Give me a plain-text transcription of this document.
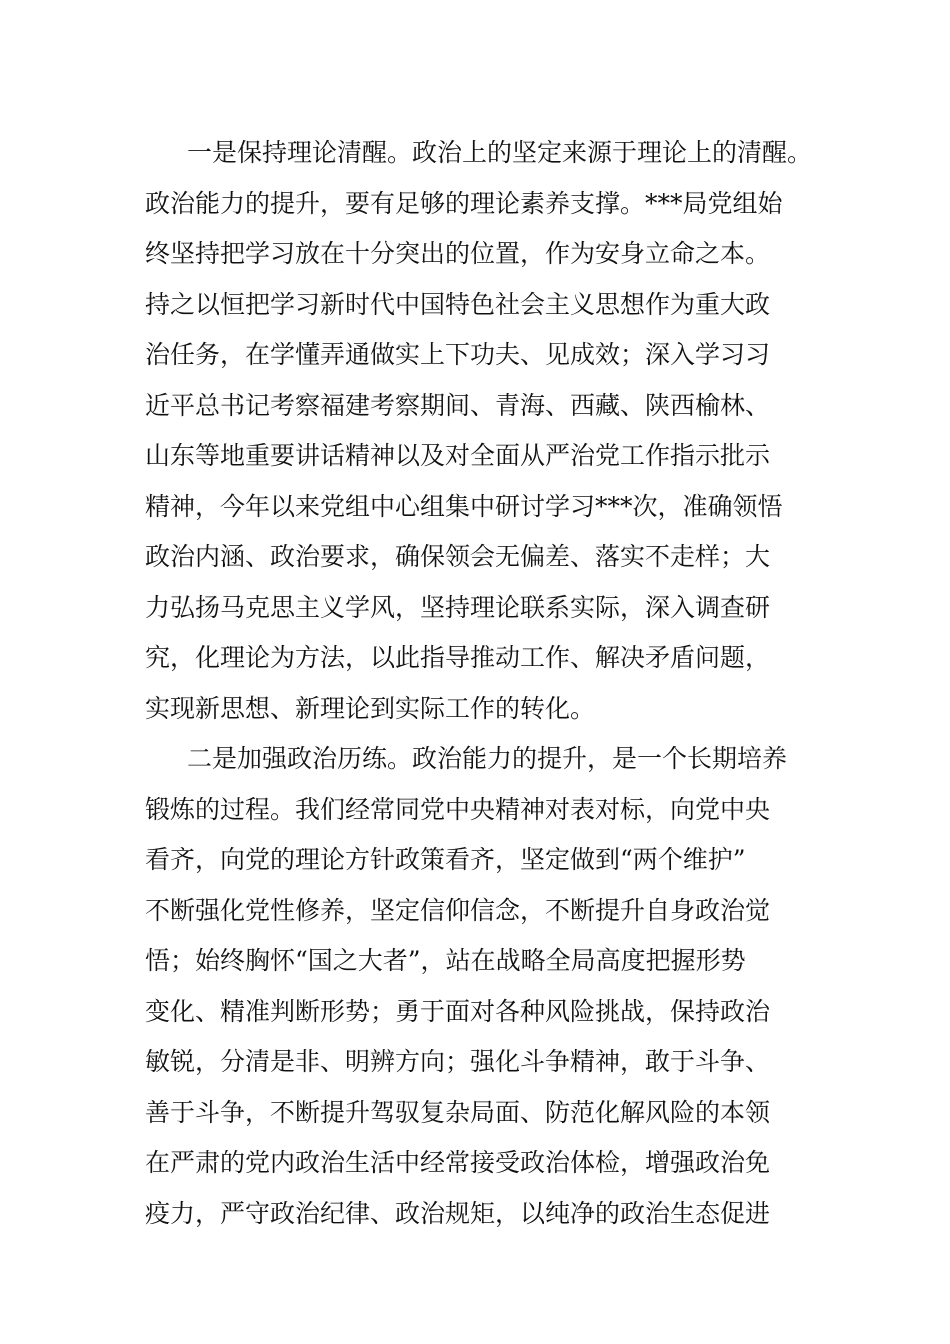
一是保持理论清醒。政治上的坚定来源于理论上的清醒。
政治能力的提升，要有足够的理论素养支撑。***局党组始
终坚持把学习放在十分突出的位置，作为安身立命之本。
持之以恒把学习新时代中国特色社会主义思想作为重大政
治任务，在学懂弄通做实上下功夫、见成效；深入学习习
近平总书记考察福建考察期间、青海、西藏、陕西榆林、
山东等地重要讲话精神以及对全面从严治党工作指示批示
精神，今年以来党组中心组集中研讨学习***次，准确领悟
政治内涵、政治要求，确保领会无偏差、落实不走样；大
力弘扬马克思主义学风，坚持理论联系实际，深入调查研
究，化理论为方法，以此指导推动工作、解决矛盾问题，
实现新思想、新理论到实际工作的转化。
二是加强政治历练。政治能力的提升，是一个长期培养
锻炼的过程。我们经常同党中央精神对表对标，向党中央
看齐，向党的理论方针政策看齐，坚定做到“两个维护”
不断强化党性修养，坚定信仰信念，不断提升自身政治觉
悟；始终胸怀“国之大者”，站在战略全局高度把握形势
变化、精准判断形势；勇于面对各种风险挑战，保持政治
敏锐，分清是非、明辨方向；强化斗争精神，敢于斗争、
善于斗争，不断提升驾驭复杂局面、防范化解风险的本领
在严肃的党内政治生活中经常接受政治体检，增强政治免
疫力，严守政治纪律、政治规矩，以纯净的政治生态促进
